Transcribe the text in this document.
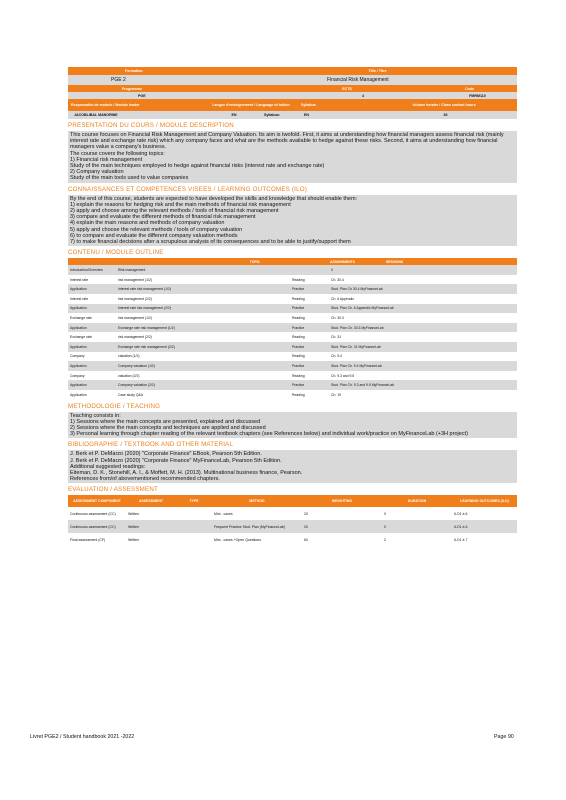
Formation	Title / Titre
PGE 2	Financial Risk Management
Programme	ECTS	Code
PGE	4	FMRM110
Responsable de module / Module leader	Langue d'enseignement / Language of tuition	Syllabus	Volume horaire / Class contact hours
JACOBLIBAL MANORINE	EN	Syllabus:	EN	30
PRESENTATION DU COURS / MODULE DESCRIPTION

This course focuses on Financial Risk Management and Company Valuation. Its aim is twofold. First, it aims at understanding how financial managers assess financial risk (mainly interest rate and exchange rate risk) which any company faces and what are the methods available to hedge against these risks. Second, it aims at understanding how financial managers value a company's business.

The course covers the following topics:

1) Financial risk management

Study of the main techniques employed to hedge against financial risks (interest rate and exchange rate)

2) Company valuation

Study of the main tools used to value companies

CONNAISSANCES ET COMPETENCES VISEES / LEARNING OUTCOMES (ILO)

By the end of this course, students are expected to have developed the skills and knowledge that should enable them:

1) explain the reasons for hedging risk and the main methods of financial risk management

2) apply and choose among the relevant methods / tools of financial risk management

3) compare and evaluate the different methods of financial risk management

4) explain the main reasons and methods of company valuation

5) apply and choose the relevant methods / tools of company valuation

6) to compare and evaluate the different company valuation methods

7) to make financial decisions after a scrupulous analysis of its consequences and to be able to justify/support them

CONTENU / MODULE OUTLINE
TOPIC		ASSIGNMENTS SESSIONS	
Introduction/Overview	Risk management		0
Interest rate	risk management (1/2)	Reading	Ch. 30.4
Application	Interest rate risk management (1/2)	Practice	Stud. Plan Ch 30.4 MyFinanceLab
Interest rate	risk management (2/2)	Reading	Ch. 6 Appendix
Application	Interest rate risk management (2/2)	Practice	Stud. Plan Ch. 6 Appendix MyFinanceLab
Exchange rate	risk management (1/2)	Reading	Ch. 30.3
Application	Exchange rate risk management (1/2)	Practice	Stud. Plan Ch. 30.3 MyFinanceLab
Exchange rate	risk management (2/2)	Reading	Ch. 31
Application	Exchange rate risk management (2/2)	Practice	Stud. Plan Ch. 31 MyFinanceLab
Company	valuation (1/2)	Reading	Ch. 9.4
Application	Company valuation (1/2)	Practice	Stud. Plan Ch. 9.4 MyFinanceLab
Company	valuation (2/2)	Reading	Ch. 9.3 and 9.5
Application	Company valuation (2/2)	Practice	Stud. Plan Ch. 9.3 and 9.5 MyFinanceLab
Application	Case study Q&A	Reading	Ch. 19
METHODOLOGIE / TEACHING

Teaching consists in:

1) Sessions where the main concepts are presented, explained and discussed

2) Sessions where the main concepts and techniques are applied and discussed

3) Personal learning through chapter reading of the relevant textbook chapters (see References below) and individual work/practice on MyFinanceLab (+3H project)

BIBLIOGRAPHIE / TEXTBOOK AND OTHER MATERIAL

J. Berk et P. DeMarzo (2020) "Corporate Finance" EBook, Pearson 5th Edition.

J. Berk et P. DeMarzo (2020) "Corporate Finance" MyFinanceLab, Pearson 5th Edition.

Additional suggested readings:

Eiteman, D. K., Stonehill, A. I., & Moffett, M. H. (2013). Multinational business finance, Pearson.

References from/of abovementioned recommended chapters.

EVALUATION / ASSESSMENT
ASSESSMENT COMPONENT	ASSESSMENT	TYPE	METHOD	WEIGHTING	DURATION	LEARNING OUTCOMES (ILO)
Continuous assessment (CC)	Written		Mini - cases	20	0	ILO1 à 6
Continuous assessment (CC)	Written		Frequent Practice Stud. Plan (MyFinanceLab)	20	0	ILO1 à 6
Final assessment (CF)	Written		Mini - cases +Open Questions	60	2	ILO1 à 7
Livret PGE2 / Student handbook 2021 -2022	Page 90
